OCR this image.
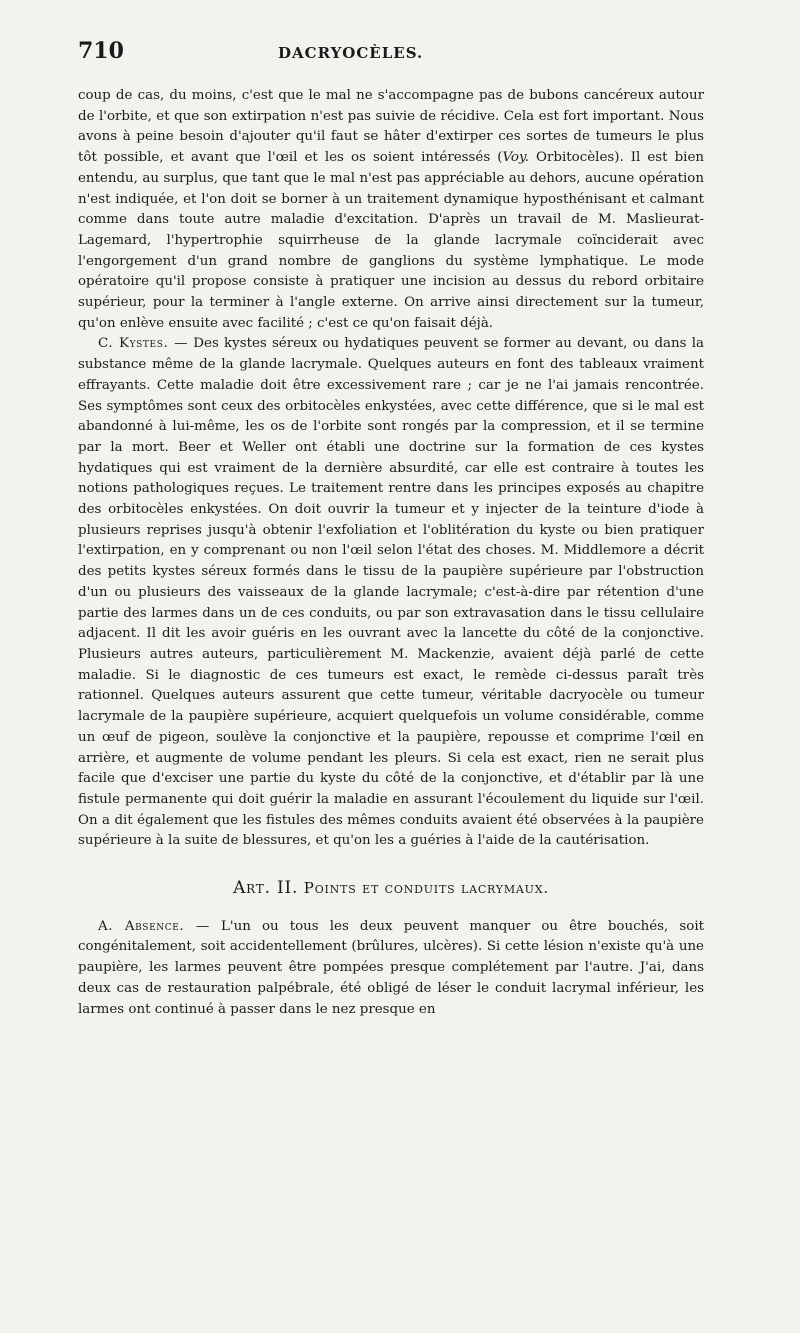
710	DACRYOCÈLES.

coup de cas, du moins, c'est que le mal ne s'accompagne pas de bubons cancéreux autour de l'orbite, et que son extirpation n'est pas suivie de récidive. Cela est fort important. Nous avons à peine besoin d'ajouter qu'il faut se hâter d'extirper ces sortes de tumeurs le plus tôt possible, et avant que l'œil et les os soient intéressés (Voy. Orbitocèles). Il est bien entendu, au surplus, que tant que le mal n'est pas appréciable au dehors, aucune opération n'est indiquée, et l'on doit se borner à un traitement dynamique hyposthénisant et calmant comme dans toute autre maladie d'excitation. D'après un travail de M. Maslieurat-Lagemard, l'hypertrophie squirrheuse de la glande lacrymale coïnciderait avec l'engorgement d'un grand nombre de ganglions du système lymphatique. Le mode opératoire qu'il propose consiste à pratiquer une incision au dessus du rebord orbitaire supérieur, pour la terminer à l'angle externe. On arrive ainsi directement sur la tumeur, qu'on enlève ensuite avec facilité ; c'est ce qu'on faisait déjà.

C. Kystes. — Des kystes séreux ou hydatiques peuvent se former au devant, ou dans la substance même de la glande lacrymale. Quelques auteurs en font des tableaux vraiment effrayants. Cette maladie doit être excessivement rare ; car je ne l'ai jamais rencontrée. Ses symptômes sont ceux des orbitocèles enkystées, avec cette différence, que si le mal est abandonné à lui-même, les os de l'orbite sont rongés par la compression, et il se termine par la mort. Beer et Weller ont établi une doctrine sur la formation de ces kystes hydatiques qui est vraiment de la dernière absurdité, car elle est contraire à toutes les notions pathologiques reçues. Le traitement rentre dans les principes exposés au chapitre des orbitocèles enkystées. On doit ouvrir la tumeur et y injecter de la teinture d'iode à plusieurs reprises jusqu'à obtenir l'exfoliation et l'oblitération du kyste ou bien pratiquer l'extirpation, en y comprenant ou non l'œil selon l'état des choses. M. Middlemore a décrit des petits kystes séreux formés dans le tissu de la paupière supérieure par l'obstruction d'un ou plusieurs des vaisseaux de la glande lacrymale; c'est-à-dire par rétention d'une partie des larmes dans un de ces conduits, ou par son extravasation dans le tissu cellulaire adjacent. Il dit les avoir guéris en les ouvrant avec la lancette du côté de la conjonctive. Plusieurs autres auteurs, particulièrement M. Mackenzie, avaient déjà parlé de cette maladie. Si le diagnostic de ces tumeurs est exact, le remède ci-dessus paraît très rationnel. Quelques auteurs assurent que cette tumeur, véritable dacryocèle ou tumeur lacrymale de la paupière supérieure, acquiert quelquefois un volume considérable, comme un œuf de pigeon, soulève la conjonctive et la paupière, repousse et comprime l'œil en arrière, et augmente de volume pendant les pleurs. Si cela est exact, rien ne serait plus facile que d'exciser une partie du kyste du côté de la conjonctive, et d'établir par là une fistule permanente qui doit guérir la maladie en assurant l'écoulement du liquide sur l'œil. On a dit également que les fistules des mêmes conduits avaient été observées à la paupière supérieure à la suite de blessures, et qu'on les a guéries à l'aide de la cautérisation.

Art. II. Points et conduits lacrymaux.

A. Absence. — L'un ou tous les deux peuvent manquer ou être bouchés, soit congénitalement, soit accidentellement (brûlures, ulcères). Si cette lésion n'existe qu'à une paupière, les larmes peuvent être pompées presque complétement par l'autre. J'ai, dans deux cas de restauration palpébrale, été obligé de léser le conduit lacrymal inférieur, les larmes ont continué à passer dans le nez presque en
